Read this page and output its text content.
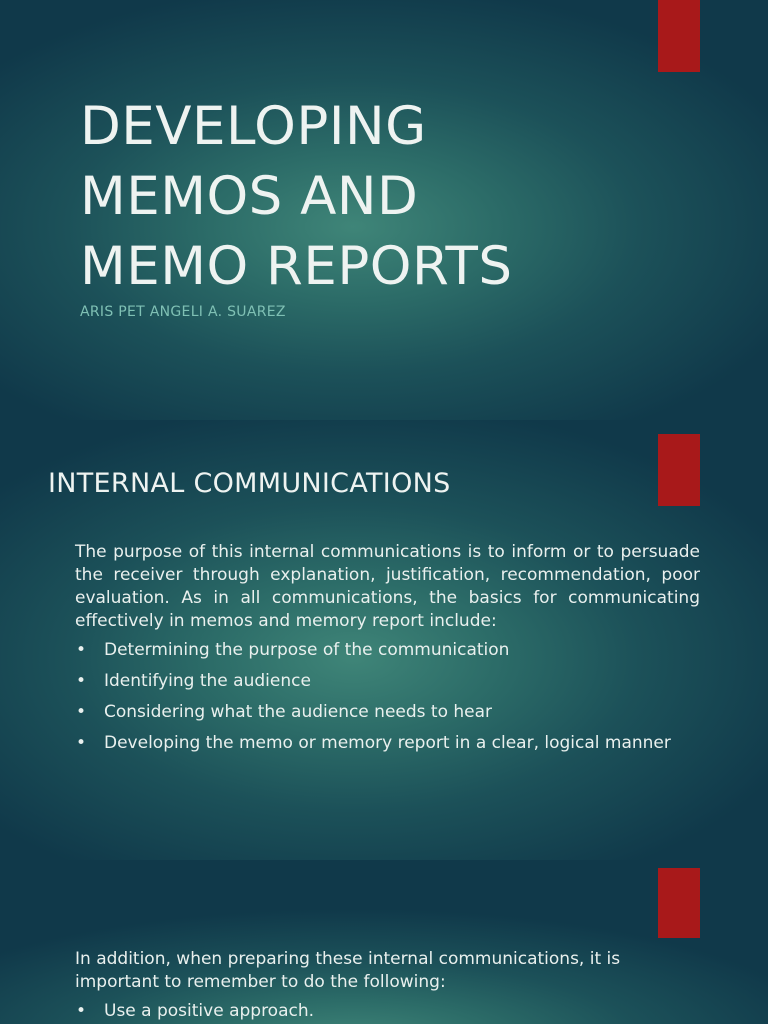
DEVELOPING
MEMOS AND
MEMO REPORTS
ARIS PET ANGELI A. SUAREZ
INTERNAL COMMUNICATIONS

The purpose of this internal communications is to inform or to persuade the receiver through explanation, justification, recommendation, poor evaluation. As in all communications, the basics for communicating effectively in memos and memory report include:

• Determining the purpose of the communication
• Identifying the audience
• Considering what the audience needs to hear
• Developing the memo or memory report in a clear, logical manner

In addition, when preparing these internal communications, it is important to remember to do the following:

• Use a positive approach.
